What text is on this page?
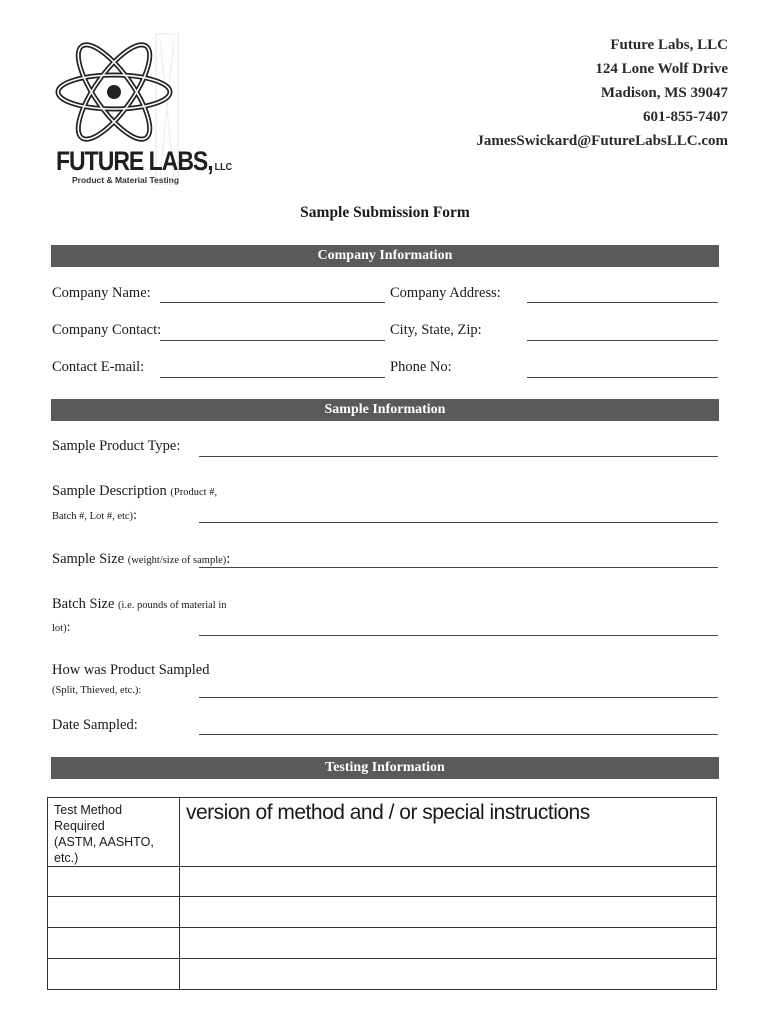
FUTURE LABS, LLC
Product & Material Testing
Future Labs, LLC
124 Lone Wolf Drive
Madison, MS 39047
601-855-7407
JamesSwickard@FutureLabsLLC.com
Sample Submission Form
Company Information
Company Name:	Company Address:
Company Contact:	City, State, Zip:
Contact E-mail:	Phone No:
Sample Information
Sample Product Type:
Sample Description (Product #,
Batch #, Lot #, etc):
Sample Size (weight/size of sample):
Batch Size (i.e. pounds of material in
lot):
How was Product Sampled
(Split, Thieved, etc.):
Date Sampled:
Testing Information
Test Method Required
(ASTM, AASHTO, etc.)	version of method and / or special instructions
